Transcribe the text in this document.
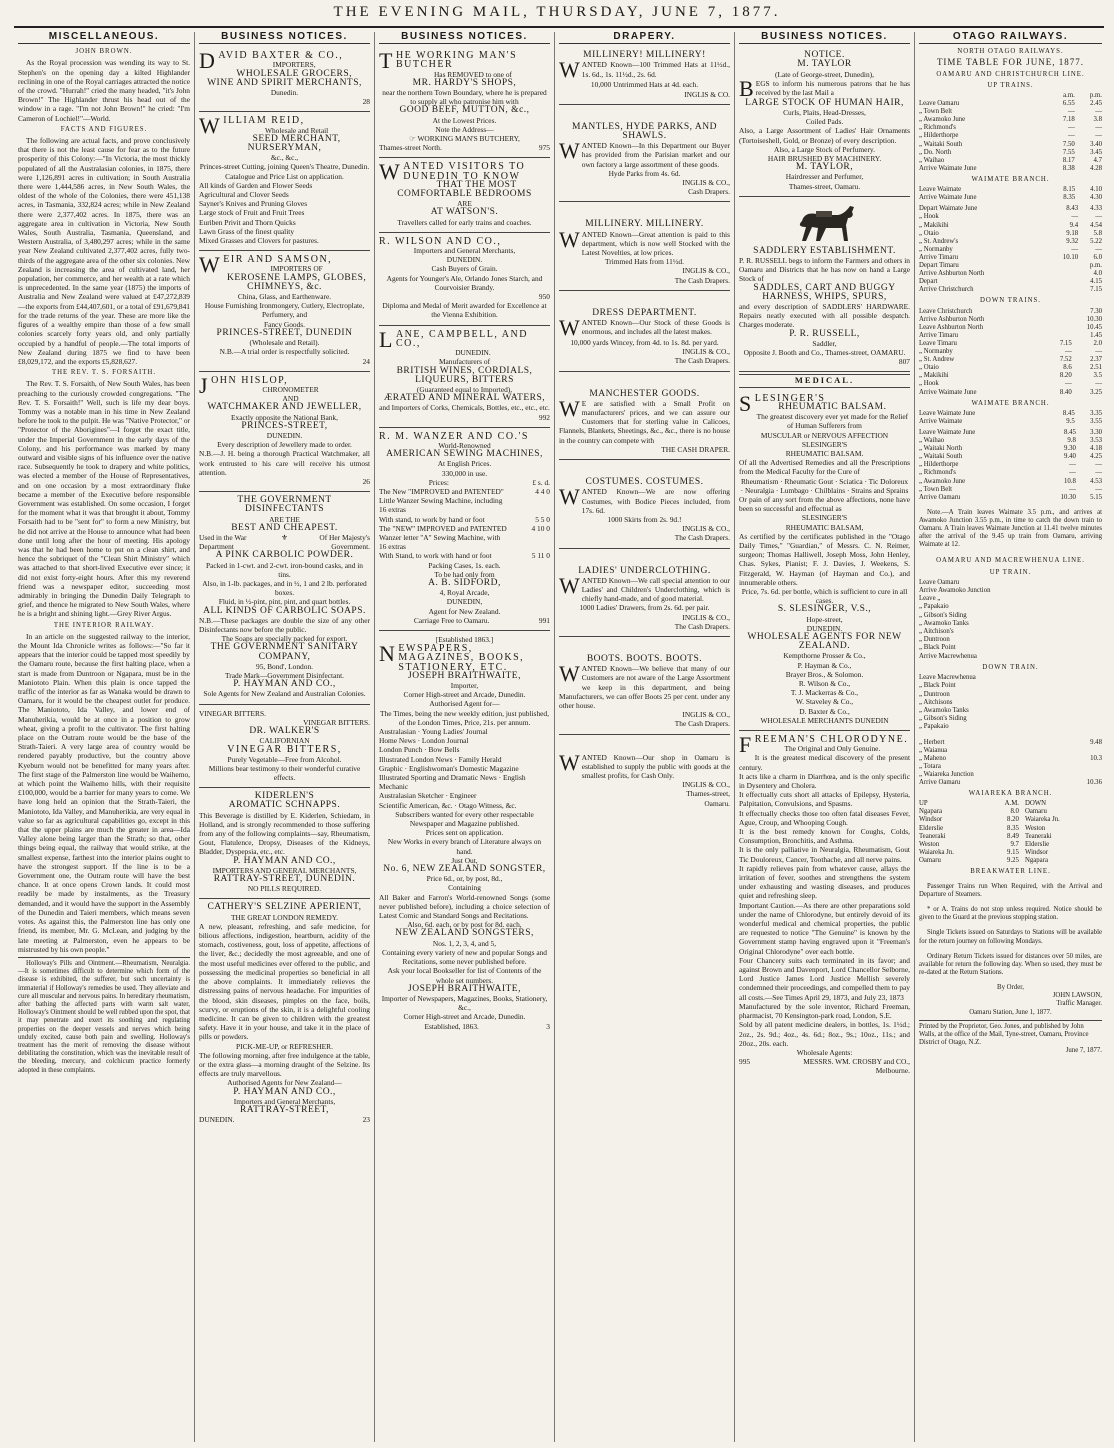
THE EVENING MAIL, THURSDAY, JUNE 7, 1877.
MISCELLANEOUS.
JOHN BROWN.

As the Royal procession was wending its way to St. Stephen's on the opening day a kilted Highlander reclining in one of the Royal carriages attracted the notice of the crowd. "Hurrah!" cried the many headed, "it's John Brown!" The Highlander thrust his head out of the window in a rage. "I'm not John Brown!" he cried: "I'm Cameron of Lochiel!"—World.

FACTS AND FIGURES.

The following are actual facts, and prove conclusively that there is not the least cause for fear as to the future prosperity of this Colony:—"In Victoria, the most thickly populated of all the Australasian colonies, in 1875, there were 1,126,891 acres in cultivation; in South Australia there were 1,444,586 acres, in New South Wales, the oldest of the whole of the Colonies, there were 451,138 acres, in Tasmania, 332,824 acres; while in New Zealand there were 2,377,402 acres. In 1875, there was an aggregate area in cultivation in Victoria, New South Wales, South Australia, Tasmania, Queensland, and Western Australia, of 3,480,297 acres; while in the same year New Zealand cultivated 2,377,402 acres, fully two-thirds of the aggregate area of the other six colonies. New Zealand is increasing the area of cultivated land, her population, her commerce, and her wealth at a rate which is unprecedented. In the same year (1875) the imports of Australia and New Zealand were valued at £47,272,839—the exports from £44,407,601, or a total of £91,679,841 for the trade returns of the year. These are more like the figures of a wealthy empire than those of a few small colonies scarcely forty years old, and only partially occupied by a handful of people.—The total imports of New Zealand during 1875 we find to have been £8,029,172, and the exports £5,828,627.

THE REV. T. S. FORSAITH.

The Rev. T. S. Forsaith, of New South Wales, has been preaching to the curiously crowded congregations. "The Rev. T. S. Forsaith!" Well, such is life my dear boys. Tommy was a notable man in his time in New Zealand before he took to the pulpit. He was "Native Protector," or "Protector of the Aborigines"—I forget the exact title, under the Imperial Government in the early days of the Colony, and his performance was marked by many outward and visible signs of his influence over the native race. Subsequently he took to drapery and white politics, was elected a member of the House of Representatives, and on one occasion by a most extraordinary fluke became a member of the Executive before responsible Government was established. On some occasion, I forget for the moment what it was that brought it about, Tommy Forsaith had to be "sent for" to form a new Ministry, but he did not arrive at the House to announce what had been done until long after the hour of meeting. His apology was that he had been home to put on a clean shirt, and hence the sobriquet of the "Clean Shirt Ministry" which was attached to that short-lived Executive ever since; it did not exist forty-eight hours. After this my reverend friend was a newspaper editor, succeeding most admirably in bringing the Dunedin Daily Telegraph to grief, and thence he migrated to New South Wales, where he is a bright and shining light.—Grey River Argus.

THE INTERIOR RAILWAY.

In an article on the suggested railway to the interior, the Mount Ida Chronicle writes as follows:—"So far it appears that the interior could be tapped most speedily by the Oamaru route, because the first halting place, when a start is made from Duntroon or Ngapara, must be in the Maniototo Plain. When this plain is once tapped the traffic of the interior as far as Wanaka would be drawn to Oamaru, for it would be the cheapest outlet for produce. The Maniototo, Ida Valley, and lower end of Manuherikia, would be at once in a position to grow wheat, giving a profit to the cultivator. The first halting place on the Outram route would be the base of the Strath-Taieri. A very large area of country would be rendered payably productive, but the country above Kyeburn would not be benefitted for many years after. The first stage of the Palmerston line would be Waihemo, at which point the Waihemo hills, with their requisite £100,000, would be a barrier for many years to come. We have long held an opinion that the Strath-Taieri, the Maniototo, Ida Valley, and Manuherikia, are very equal in value so far as agricultural capabilities go, except in this that the upper plains are much the greater in area—Ida Valley alone being larger than the Strath; so that, other things being equal, the railway that would strike, at the smallest expense, farthest into the interior plains ought to have the strongest support. If the line is to be a Government one, the Outram route will have the best chance. It at once opens Crown lands. It could most readily be made by instalments, as the Treasury demanded, and it would have the support in the Assembly of the Dunedin and Taieri members, which means seven votes. As against this, the Palmerston line has only one friend, its member, Mr. G. McLean, and judging by the late meeting at Palmerston, even he appears to be mistrusted by his own people."

Holloway's Pills and Ointment.—Rheumatism, Neuralgia.—It is sometimes difficult to determine which form of the disease is exhibited, the sufferer, but such uncertainty is immaterial if Holloway's remedies be used. They alleviate and cure all muscular and nervous pains. In hereditary rheumatism, after bathing the affected parts with warm salt water, Holloway's Ointment should be well rubbed upon the spot, that it may penetrate and exert its soothing and regulating properties on the deeper vessels and nerves which being unduly excited, cause both pain and swelling. Holloway's treatment has the merit of removing the disease without debilitating the constitution, which was the inevitable result of the bleeding, mercury, and colchicum practice formerly adopted in these complaints.

BUSINESS NOTICES.
DAVID BAXTER & CO.,
IMPORTERS,
WHOLESALE GROCERS,
WINE AND SPIRIT MERCHANTS,
Dunedin.
28
WILLIAM REID,
Wholesale and Retail
SEED MERCHANT, NURSERYMAN,
&c., &c.,
Princes-street Cutting, joining Queen's Theatre, Dunedin.
Catalogue and Price List on application.
All kinds of Garden and Flower Seeds
Agricultural and Clover Seeds
Sayner's Knives and Pruning Gloves
Large stock of Fruit and Fruit Trees
Euriben Privit and Thorn Quicks
Lawn Grass of the finest quality
Mixed Grasses and Clovers for pastures.
WEIR AND SAMSON,
IMPORTERS OF
KEROSENE LAMPS, GLOBES, CHIMNEYS, &c.
China, Glass, and Earthenware.
House Furnishing Ironmongery, Cutlery, Electroplate, Perfumery, and
Fancy Goods.
PRINCES-STREET, DUNEDIN
(Wholesale and Retail).
N.B.—A trial order is respectfully solicited.
24
JOHN HISLOP,
CHRONOMETER
AND
WATCHMAKER AND JEWELLER,
Exactly opposite the National Bank,
PRINCES-STREET,
DUNEDIN.
Every description of Jewellery made to order.
N.B.—J. H. being a thorough Practical Watchmaker, all work entrusted to his care will receive his utmost attention.
26
THE GOVERNMENT DISINFECTANTS
ARE THE
BEST AND CHEAPEST.
Used in the War Department
⚜	Of Her Majesty's Government.
A PINK CARBOLIC POWDER.
Packed in 1-cwt. and 2-cwt. iron-bound casks, and in tins.
Also, in 1-lb. packages, and in ½, 1 and 2 lb. perforated boxes.
Fluid, in ½-pint, pint, pint, and quart bottles.
ALL KINDS OF CARBOLIC SOAPS.
N.B.—These packages are double the size of any other Disinfectants now before the public.
The Soaps are specially packed for export.
THE GOVERNMENT SANITARY COMPANY,
95, Bond', London.
Trade Mark—Government Disinfectant.
P. HAYMAN AND CO.,
Sole Agents for New Zealand and Australian Colonies.
VINEGAR BITTERS.
VINEGAR BITTERS.
DR. WALKER'S
CALIFORNIAN
VINEGAR BITTERS,
Purely Vegetable—Free from Alcohol.
Millions bear testimony to their wonderful curative effects.
KIDERLEN'S
AROMATIC SCHNAPPS.
This Beverage is distilled by E. Kiderlen, Schiedam, in Holland, and is strongly recommended to those suffering from any of the following complaints—say, Rheumatism, Gout, Flatulence, Dropsy, Diseases of the Kidneys, Bladder, Dyspepsia, etc., etc.
P. HAYMAN AND CO.,
IMPORTERS AND GENERAL MERCHANTS,
RATTRAY-STREET, DUNEDIN.
NO PILLS REQUIRED.
CATHERY'S SELZINE APERIENT,
THE GREAT LONDON REMEDY.
A new, pleasant, refreshing, and safe medicine, for bilious affections, indigestion, heartburn, acidity of the stomach, costiveness, gout, loss of appetite, affections of the liver, &c.; decidedly the most agreeable, and one of the most useful medicines ever offered to the public, and possessing the medicinal properties so beneficial in all the above complaints. It immediately relieves the distressing pains of nervous headache. For impurities of the blood, skin diseases, pimples on the face, boils, scurvy, or eruptions of the skin, it is a delightful cooling medicine. It can be given to children with the greatest safety. Have it in your house, and take it in the place of pills or powders.
PICK-ME-UP, or REFRESHER.
The following morning, after free indulgence at the table, or the extra glass—a morning draught of the Selzine. Its effects are truly marvellous.
Authorised Agents for New Zealand—
P. HAYMAN AND CO.,
Importers and General Merchants,
RATTRAY-STREET,
DUNEDIN.	23
BUSINESS NOTICES.
THE WORKING MAN'S BUTCHER
Has REMOVED to one of
MR. HARDY'S SHOPS,
near the northern Town Boundary, where he is prepared to supply all who patronise him with
GOOD BEEF, MUTTON, &c.,
At the Lowest Prices.
Note the Address—
☞ WORKING MAN'S BUTCHERY,
Thames-street North.	975
WANTED VISITORS TO DUNEDIN TO KNOW
THAT THE MOST
COMFORTABLE BEDROOMS
ARE
AT WATSON'S.
Travellers called for early trains and coaches.
R. WILSON AND CO.,
Importers and General Merchants,
DUNEDIN.
Cash Buyers of Grain.
Agents for Younger's Ale, Orlando Jones Starch, and Courvoisier Brandy.
950
Diploma and Medal of Merit awarded for Excellence at the Vienna Exhibition.
LANE, CAMPBELL, AND CO.,
DUNEDIN.
Manufacturers of
BRITISH WINES, CORDIALS, LIQUEURS, BITTERS
(Guaranteed equal to Imported),
ÆRATED AND MINERAL WATERS,
and Importers of Corks, Chemicals, Bottles, etc., etc., etc.
992
R. M. WANZER AND CO.'S
World-Renowned
AMERICAN SEWING MACHINES,
At English Prices.
330,000 in use.
Prices:	£ s. d.
The New "IMPROVED and PATENTED" Little Wanzer Sewing Machine, including 16 extras
4 4 0
With stand, to work by hand or foot	5 5 0
The "NEW" IMPROVED and PATENTED Wanzer letter "A" Sewing Machine, with 16 extras
4 10 0
With Stand, to work with hand or foot	5 11 0
Packing Cases, 1s. each.
To be had only from
A. B. SIDFORD,
4, Royal Arcade,
DUNEDIN,
Agent for New Zealand.
Carriage Free to Oamaru.	991
[Established 1863.]
NEWSPAPERS, MAGAZINES, BOOKS, STATIONERY, ETC.
JOSEPH BRAITHWAITE,
Importer,
Corner High-street and Arcade, Dunedin.
Authorised Agent for—
The Times, being the new weekly edition, just published, of the London Times, Price, 21s. per annum.
Australasian · Young Ladies' Journal
Home News · London Journal
London Punch · Bow Bells
Illustrated London News · Family Herald
Graphic · Englishwoman's Domestic Magazine
Illustrated Sporting and Dramatic News · English Mechanic
Australasian Sketcher · Engineer
Scientific American, &c. · Otago Witness, &c.
Subscribers wanted for every other respectable Newspaper and Magazine published.
Prices sent on application.
New Works in every branch of Literature always on hand.
Just Out,
No. 6, NEW ZEALAND SONGSTER,
Price 6d., or, by post, 8d.,
Containing
All Baker and Farron's World-renowned Songs (some never published before), including a choice selection of Latest Comic and Standard Songs and Recitations.
Also, 6d. each, or by post for 8d. each,
NEW ZEALAND SONGSTERS,
Nos. 1, 2, 3, 4, and 5,
Containing every variety of new and popular Songs and Recitations, some never published before.
Ask your local Bookseller for list of Contents of the whole set numbers.
JOSEPH BRAITHWAITE,
Importer of Newspapers, Magazines, Books, Stationery, &c.,
Corner High-street and Arcade, Dunedin.
Established, 1863.	3
DRAPERY.
MILLINERY! MILLINERY!
WANTED Known—100 Trimmed Hats at 11½d., 1s. 6d., 1s. 11½d., 2s. 6d.
10,000 Untrimmed Hats at 4d. each.
INGLIS & CO.
MANTLES, HYDE PARKS, AND SHAWLS.
WANTED Known—In this Department our Buyer has provided from the Parisian market and our own factory a large assortment of these goods.
Hyde Parks from 4s. 6d.
INGLIS & CO.,
Cash Drapers.
MILLINERY. MILLINERY.
WANTED Known—Great attention is paid to this department, which is now well Stocked with the Latest Novelties, at low prices.
Trimmed Hats from 11½d.
INGLIS & CO.,
The Cash Drapers.
DRESS DEPARTMENT.
WANTED Known—Our Stock of these Goods is enormous, and includes all the latest makes.
10,000 yards Wincey, from 4d. to 1s. 8d. per yard.
INGLIS & CO.,
The Cash Drapers.
MANCHESTER GOODS.
W E are satisfied with a Small Profit on manufacturers' prices, and we can assure our Customers that for sterling value in Calicoes, Flannels, Blankets, Sheetings, &c., &c., there is no house in the country can compete with
THE CASH DRAPER.
COSTUMES. COSTUMES.
WANTED Known—We are now offering Costumes, with Bodice Pieces included, from 17s. 6d.
1000 Skirts from 2s. 9d.!
INGLIS & CO.,
The Cash Drapers.
LADIES' UNDERCLOTHING.
WANTED Known—We call special attention to our Ladies' and Children's Underclothing, which is chiefly hand-made, and of good material.
1000 Ladies' Drawers, from 2s. 6d. per pair.
INGLIS & CO.,
The Cash Drapers.
BOOTS. BOOTS. BOOTS.
WANTED Known—We believe that many of our Customers are not aware of the Large Assortment we keep in this department, and being Manufacturers, we can offer Boots 25 per cent. under any other house.
INGLIS & CO.,
The Cash Drapers.
WANTED Known—Our shop in Oamaru is established to supply the public with goods at the smallest profits, for Cash Only.
INGLIS & CO.,
Thames-street,
Oamaru.
BUSINESS NOTICES.
NOTICE.
M. TAYLOR
(Late of George-street, Dunedin),
BEGS to inform his numerous patrons that he has received by the last Mail a
LARGE STOCK OF HUMAN HAIR,
Curls, Plaits, Head-Dresses,
Coiled Pads.
Also, a Large Assortment of Ladies' Hair Ornaments (Tortoiseshell, Gold, or Bronze) of every description.
Also, a Large Stock of Perfumery.
HAIR BRUSHED BY MACHINERY.
M. TAYLOR,
Hairdresser and Perfumer,
Thames-street, Oamaru.
SADDLERY ESTABLISHMENT.
P. R. RUSSELL begs to inform the Farmers and others in Oamaru and Districts that he has now on hand a Large Stock of
SADDLES, CART AND BUGGY HARNESS, WHIPS, SPURS,
and every description of SADDLERS' HARDWARE. Repairs neatly executed with all possible despatch. Charges moderate.
P. R. RUSSELL,
Saddler,
Opposite J. Booth and Co., Thames-street, OAMARU.
807
MEDICAL.
SLESINGER'S
RHEUMATIC BALSAM.
The greatest discovery ever yet made for the Relief of Human Sufferers from
MUSCULAR or NERVOUS AFFECTION
SLESINGER'S
RHEUMATIC BALSAM.
Of all the Advertised Remedies and all the Prescriptions from the Medical Faculty for the Cure of
Rheumatism · Rheumatic Gout · Sciatica · Tic Doloreux · Neuralgia · Lumbago · Chilblains · Strains and Sprains
Or pain of any sort from the above affections, none have been so successful and effectual as
SLESINGER'S
RHEUMATIC BALSAM,
As certified by the certificates published in the "Otago Daily Times," "Guardian," of Messrs. C. N. Reimer, surgeon; Thomas Halliwell, Joseph Moss, John Henley, Chas. Sykes, Pianist; F. J. Davies, J. Weekens, S. Fitzgerald, W. Hayman (of Hayman and Co.), and innumerable others.
Price, 7s. 6d. per bottle, which is sufficient to cure in all cases.
S. SLESINGER, V.S.,
Hope-street,
DUNEDIN.
WHOLESALE AGENTS FOR NEW ZEALAND.
Kempthorne Prosser & Co.,
P. Hayman & Co.,
Brayer Bros., & Solomon.
R. Wilson & Co.,
T. J. Mackerras & Co.,
W. Staveley & Co.,
D. Baxter & Co.,
WHOLESALE MERCHANTS DUNEDIN
FREEMAN'S CHLORODYNE.
The Original and Only Genuine.
It is the greatest medical discovery of the present century.
It acts like a charm in Diarrhœa, and is the only specific in Dysentery and Cholera.
It effectually cuts short all attacks of Epilepsy, Hysteria, Palpitation, Convulsions, and Spasms.
It effectually checks those too often fatal diseases Fever, Ague, Croup, and Whooping Cough.
It is the best remedy known for Coughs, Colds, Consumption, Bronchitis, and Asthma.
It is the only palliative in Neuralgia, Rheumatism, Gout Tic Douloreux, Cancer, Toothache, and all nerve pains.
It rapidly relieves pain from whatever cause, allays the irritation of fever, soothes and strengthens the system under exhausting and wasting diseases, and produces quiet and refreshing sleep.
Important Caution.—As there are other preparations sold under the name of Chlorodyne, but entirely devoid of its wonderful medical and chemical properties, the public are requested to notice "The Genuine" is known by the Government stamp having engraved upon it "Freeman's Original Chlorodyne" over each bottle.
Four Chancery suits each terminated in its favor; and against Brown and Davenport, Lord Chancellor Selborne, Lord Justice James Lord Justice Mellish severely condemned their proceedings, and compelled them to pay all costs.—See Times April 29, 1873, and July 23, 1873
Manufactured by the sole inventor, Richard Freeman, pharmacist, 70 Kensington-park road, London, S.E.
Sold by all patent medicine dealers, in bottles, 1s. 1½d.; 2oz., 2s. 9d.; 4oz., 4s. 6d.; 8oz., 9s.; 10oz., 11s.; and 20oz., 20s. each.
Wholesale Agents:
995	MESSRS. WM. CROSBY and CO.,
Melbourne.
OTAGO RAILWAYS.
NORTH OTAGO RAILWAYS.
TIME TABLE FOR JUNE, 1877.
OAMARU AND CHRISTCHURCH LINE.
UP TRAINS.
	a.m.	p.m.
Leave Oamaru	6.55	2.45
„ Town Belt	—	—
„ Awamoko June	7.18	3.8
„ Richmond's	—	—
„ Hilderthorpe	—	—
„ Waitaki South	7.50	3.40
„ Do. North	7.55	3.45
„ Waihao	8.17	4.7
Arrive Waimate June	8.38	4.28
WAIMATE BRANCH.
Leave Waimate	8.15	4.10
Arrive Waimate June	8.35	4.30
Depart Waimate June	8.43	4.33
„ Hook	—	—
„ Makikihi	9.4	4.54
„ Otaio	9.18	5.8
„ St. Andrew's	9.32	5.22
„ Normanby	—	—
Arrive Timaru	10.10	6.0
Depart Timaru		p.m.
Arrive Ashburton North		4.0
Depart		4.15
Arrive Christchurch		7.15
DOWN TRAINS.
Leave Christchurch		7.30
Arrive Ashburton North		10.30
Leave Ashburton North		10.45
Arrive Timaru		1.45
Leave Timaru	7.15	2.0
„ Normanby	—	—
„ St. Andrew	7.52	2.37
„ Otaio	8.6	2.51
„ Makikihi	8.20	3.5
„ Hook	—	—
Arrive Waimate June	8.40	3.25
WAIMATE BRANCH.
Leave Waimate June	8.45	3.35
Arrive Waimate	9.5	3.55
Leave Waimate June	8.45	3.30
„ Waihao	9.8	3.53
„ Waitaki North	9.30	4.18
„ Waitaki South	9.40	4.25
„ Hilderthorpe	—	—
„ Richmond's	—	—
„ Awamoko June	10.8	4.53
„ Town Belt	—	—
Arrive Oamaru	10.30	5.15

Note.—A Train leaves Waimate 3.5 p.m., and arrives at Awamoko Junction 3.55 p.m., in time to catch the down train to Oamaru. A Train leaves Waimate Junction at 11.41 twelve minutes after the arrival of the 9.45 up train from Oamaru, arriving Waimate at 12.

OAMARU AND MACREWHENUA LINE.
UP TRAIN.
Leave Oamaru
Arrive Awamoko Junction
Leave „
„ Papakaio
„ Gibson's Siding
„ Awamoko Tanks
„ Aitchison's
„ Duntroon
„ Black Point
Arrive Macrewhenua
DOWN TRAIN.
Leave Macrewhenua
„ Black Point
„ Duntroon
„ Aitchisons
„ Awamoko Tanks
„ Gibson's Siding
„ Papakaio
„ Herbert	9.48	
„ Waianua		
„ Maheno	10.3	
„ Totara		
„ Waiareka Junction		
Arrive Oamaru	10.36	
WAIAREKA BRANCH.
UP	A.M.	DOWN
Ngapara	8.0	Oamaru
Windsor	8.20	Waiareka Jn.
Elderslie	8.35	Weston
Teaneraki	8.49	Teaneraki
Weston	9.7	Elderslie
Waiareka Jn.	9.15	Windsor
Oamaru	9.25	Ngapara
BREAKWATER LINE.

Passenger Trains run When Required, with the Arrival and Departure of Steamers.

* or A. Trains do not stop unless required. Notice should be given to the Guard at the previous stopping station.

Single Tickets issued on Saturdays to Stations will be available for the return journey on following Mondays.

Ordinary Return Tickets issued for distances over 50 miles, are available for return the following day. When so used, they must be re-dated at the Return Stations.

By Order,
JOHN LAWSON,
Traffic Manager.
Oamaru Station, June 1, 1877.
Printed by the Proprietor, Geo. Jones, and published by John Walls, at the office of the Mail, Tyne-street, Oamaru, Province District of Otago, N.Z.
June 7, 1877.
